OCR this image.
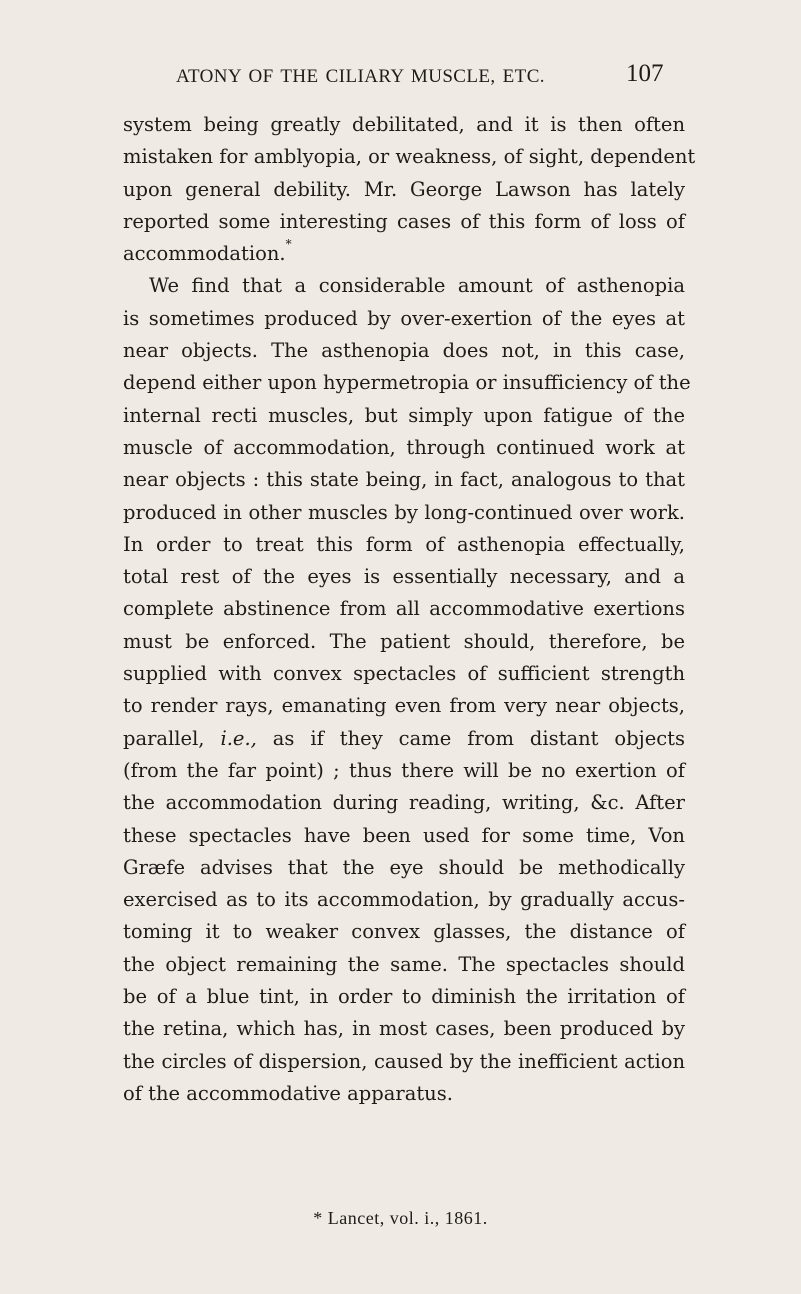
ATONY OF THE CILIARY MUSCLE, ETC.	107
system being greatly debilitated, and it is then often
mistaken for amblyopia, or weakness, of sight, dependent
upon general debility. Mr. George Lawson has lately
reported some interesting cases of this form of loss of
accommodation.*
We find that a considerable amount of asthenopia
is sometimes produced by over-exertion of the eyes at
near objects. The asthenopia does not, in this case,
depend either upon hypermetropia or insufficiency of the
internal recti muscles, but simply upon fatigue of the
muscle of accommodation, through continued work at
near objects : this state being, in fact, analogous to that
produced in other muscles by long-continued over work.
In order to treat this form of asthenopia effectually,
total rest of the eyes is essentially necessary, and a
complete abstinence from all accommodative exertions
must be enforced. The patient should, therefore, be
supplied with convex spectacles of sufficient strength
to render rays, emanating even from very near objects,
parallel, i.e., as if they came from distant objects
(from the far point) ; thus there will be no exertion of
the accommodation during reading, writing, &c. After
these spectacles have been used for some time, Von
Græfe advises that the eye should be methodically
exercised as to its accommodation, by gradually accus-
toming it to weaker convex glasses, the distance of
the object remaining the same. The spectacles should
be of a blue tint, in order to diminish the irritation of
the retina, which has, in most cases, been produced by
the circles of dispersion, caused by the inefficient action
of the accommodative apparatus.
* Lancet, vol. i., 1861.
